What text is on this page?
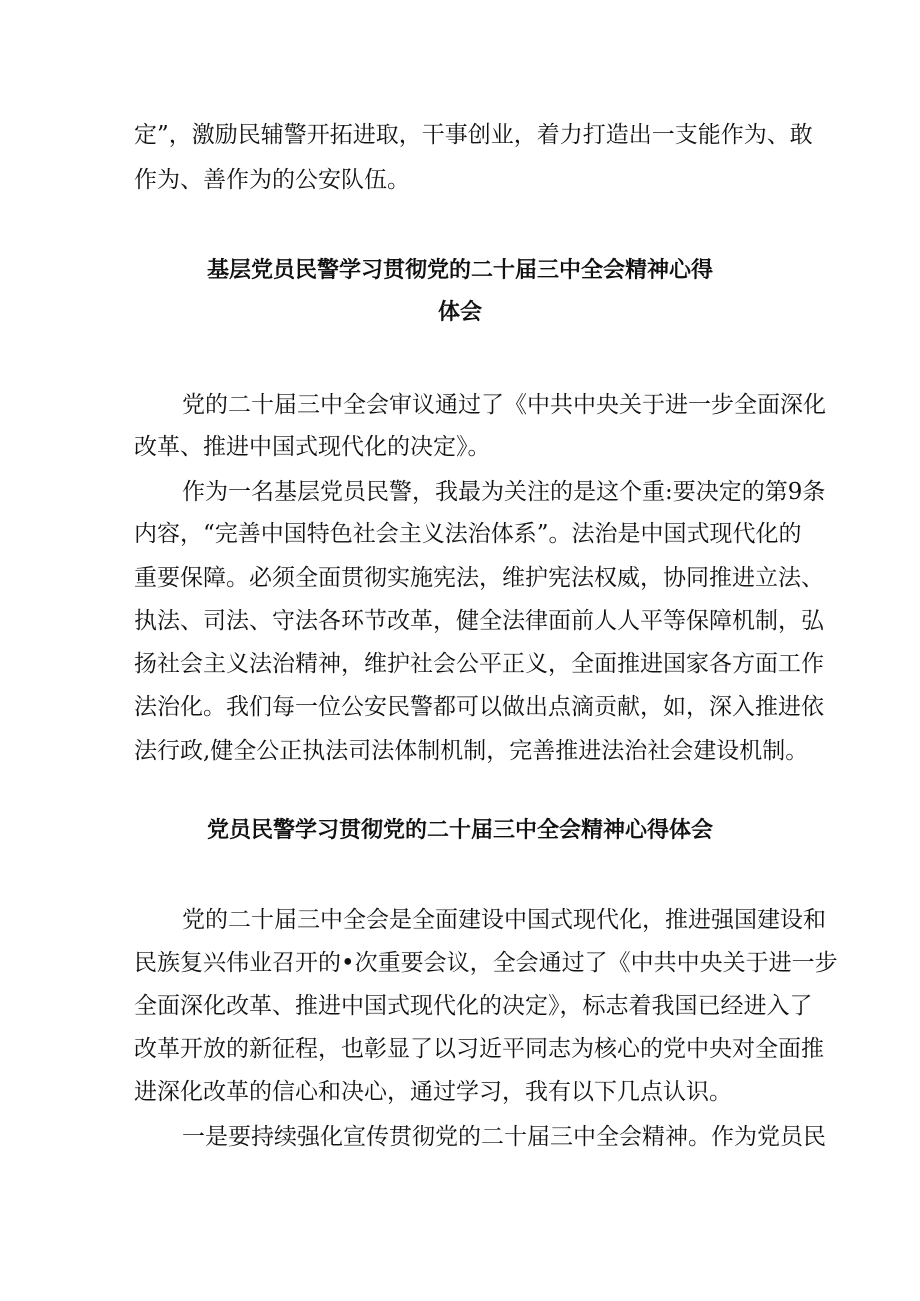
定”，激励民辅警开拓进取，干事创业，着力打造出一支能作为、敢
作为、善作为的公安队伍。
基层党员民警学习贯彻党的二十届三中全会精神心得
体会
党的二十届三中全会审议通过了《中共中央关于进一步全面深化
改革、推进中国式现代化的决定》。
作为一名基层党员民警，我最为关注的是这个重:要决定的第9条
内容，“完善中国特色社会主义法治体系”。法治是中国式现代化的
重要保障。必须全面贯彻实施宪法，维护宪法权威，协同推进立法、
执法、司法、守法各环节改革，健全法律面前人人平等保障机制，弘
扬社会主义法治精神，维护社会公平正义，全面推进国家各方面工作
法治化。我们每一位公安民警都可以做出点滴贡献，如，深入推进依
法行政,健全公正执法司法体制机制，完善推进法治社会建设机制。
党员民警学习贯彻党的二十届三中全会精神心得体会
党的二十届三中全会是全面建设中国式现代化，推进强国建设和
民族复兴伟业召开的•次重要会议，全会通过了《中共中央关于进一步
全面深化改革、推进中国式现代化的决定》，标志着我国已经进入了
改革开放的新征程，也彰显了以习近平同志为核心的党中央对全面推
进深化改革的信心和决心，通过学习，我有以下几点认识。
一是要持续强化宣传贯彻党的二十届三中全会精神。作为党员民
